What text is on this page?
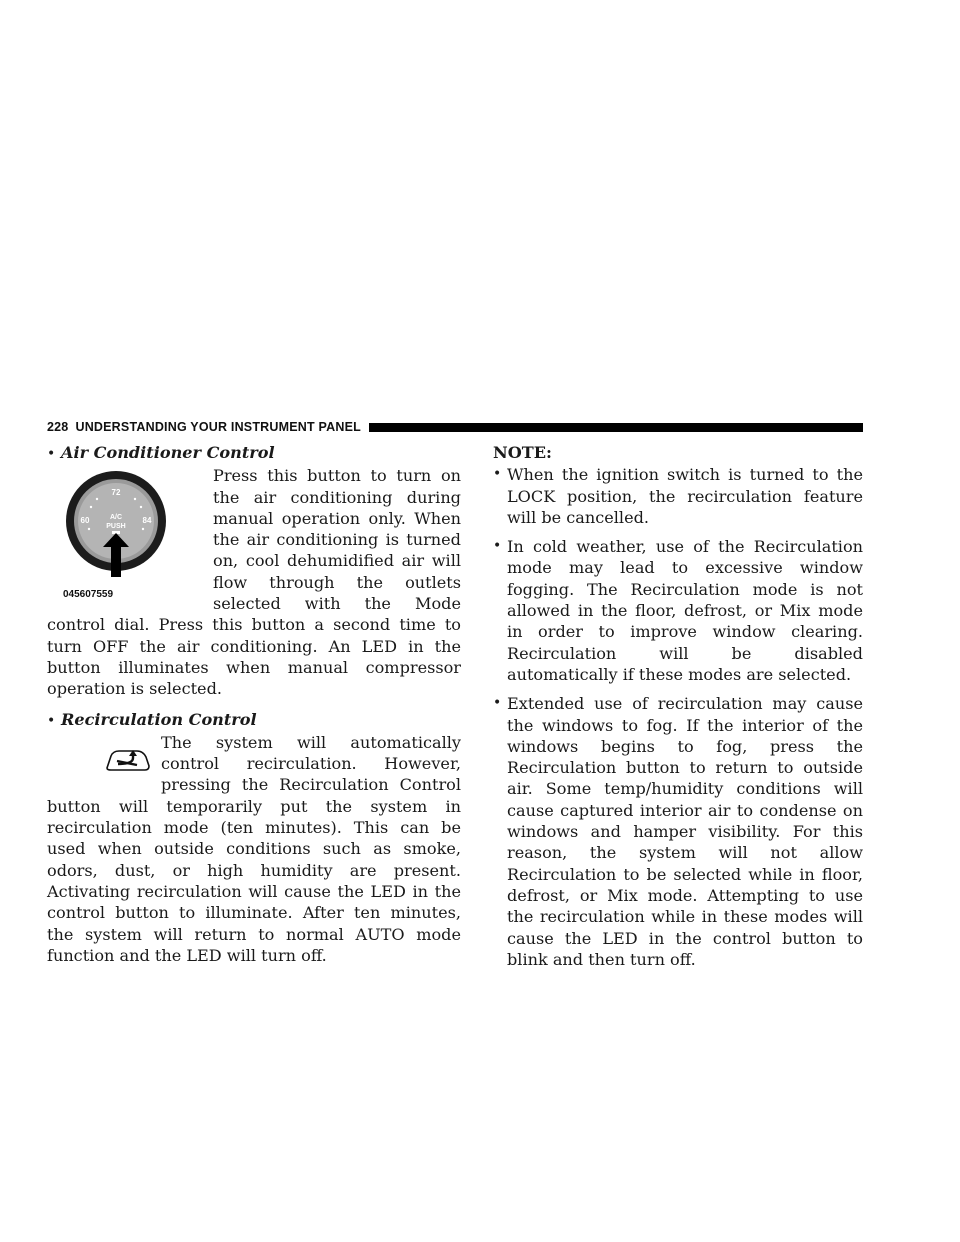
228 UNDERSTANDING YOUR INSTRUMENT PANEL
• Air Conditioner Control
72
60	84
A/C
PUSH
045607559
Press this button to turn on the air conditioning during manual operation only. When the air conditioning is turned on, cool dehumidified air will flow through the outlets selected with the Mode control dial. Press this button a second time to turn OFF the air conditioning. An LED in the button illuminates when manual compressor operation is selected.
• Recirculation Control
The system will automatically control recirculation. However, pressing the Recirculation Control button will temporarily put the system in recirculation mode (ten minutes). This can be used when outside conditions such as smoke, odors, dust, or high humidity are present. Activating recirculation will cause the LED in the control button to illuminate. After ten minutes, the system will return to normal AUTO mode function and the LED will turn off.
NOTE:
• When the ignition switch is turned to the LOCK position, the recirculation feature will be cancelled.
• In cold weather, use of the Recirculation mode may lead to excessive window fogging. The Recirculation mode is not allowed in the floor, defrost, or Mix mode in order to improve window clearing. Recirculation will be disabled automatically if these modes are selected.
• Extended use of recirculation may cause the windows to fog. If the interior of the windows begins to fog, press the Recirculation button to return to outside air. Some temp/humidity conditions will cause captured interior air to condense on windows and hamper visibility. For this reason, the system will not allow Recirculation to be selected while in floor, defrost, or Mix mode. Attempting to use the recirculation while in these modes will cause the LED in the control button to blink and then turn off.
